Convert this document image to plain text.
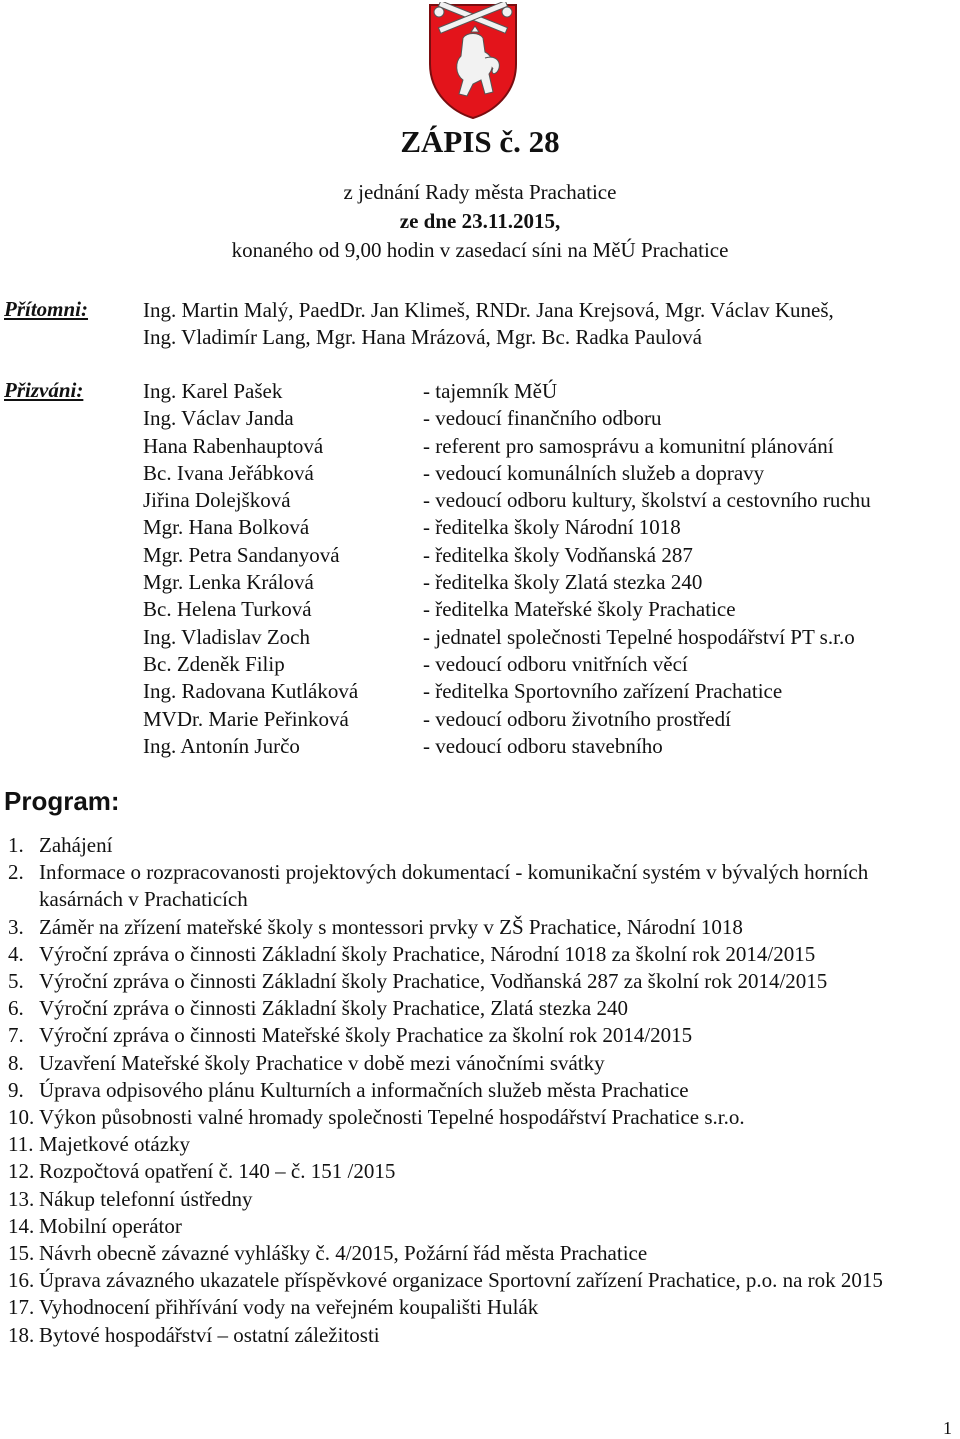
ZÁPIS č. 28
z jednání Rady města Prachatice
ze dne 23.11.2015,
konaného od 9,00 hodin v zasedací síni na MěÚ Prachatice
Přítomni:	Ing. Martin Malý, PaedDr. Jan Klimeš, RNDr. Jana Krejsová, Mgr. Václav Kuneš,
Ing. Vladimír Lang, Mgr. Hana Mrázová, Mgr. Bc. Radka Paulová
Přizváni:	Ing. Karel Pašek	- tajemník MěÚ
Ing. Václav Janda	- vedoucí finančního odboru
Hana Rabenhauptová	- referent pro samosprávu a komunitní plánování
Bc. Ivana Jeřábková	- vedoucí komunálních služeb a dopravy
Jiřina Dolejšková	- vedoucí odboru kultury, školství a cestovního ruchu
Mgr. Hana Bolková	- ředitelka školy Národní 1018
Mgr. Petra Sandanyová	- ředitelka školy Vodňanská 287
Mgr. Lenka Králová	- ředitelka školy Zlatá stezka 240
Bc. Helena Turková	- ředitelka Mateřské školy Prachatice
Ing. Vladislav Zoch	- jednatel společnosti Tepelné hospodářství PT s.r.o
Bc. Zdeněk Filip	- vedoucí odboru vnitřních věcí
Ing. Radovana Kutláková	- ředitelka Sportovního zařízení Prachatice
MVDr. Marie Peřinková	- vedoucí odboru životního prostředí
Ing. Antonín Jurčo	- vedoucí odboru stavebního
Program:
1. Zahájení
2. Informace o rozpracovanosti projektových dokumentací - komunikační systém v bývalých horních kasárnách v Prachaticích
3. Záměr na zřízení mateřské školy s montessori prvky v ZŠ Prachatice, Národní 1018
4. Výroční zpráva o činnosti Základní školy Prachatice, Národní 1018 za školní rok 2014/2015
5. Výroční zpráva o činnosti Základní školy Prachatice, Vodňanská 287 za školní rok 2014/2015
6. Výroční zpráva o činnosti Základní školy Prachatice, Zlatá stezka 240
7. Výroční zpráva o činnosti Mateřské školy Prachatice za školní rok 2014/2015
8. Uzavření Mateřské školy Prachatice v době mezi vánočními svátky
9. Úprava odpisového plánu Kulturních a informačních služeb města Prachatice
10. Výkon působnosti valné hromady společnosti Tepelné hospodářství Prachatice s.r.o.
11. Majetkové otázky
12. Rozpočtová opatření č. 140 – č. 151 /2015
13. Nákup telefonní ústředny
14. Mobilní operátor
15. Návrh obecně závazné vyhlášky č. 4/2015, Požární řád města Prachatice
16. Úprava závazného ukazatele příspěvkové organizace Sportovní zařízení Prachatice, p.o. na rok 2015
17. Vyhodnocení přihřívání vody na veřejném koupališti Hulák
18. Bytové hospodářství – ostatní záležitosti
1
